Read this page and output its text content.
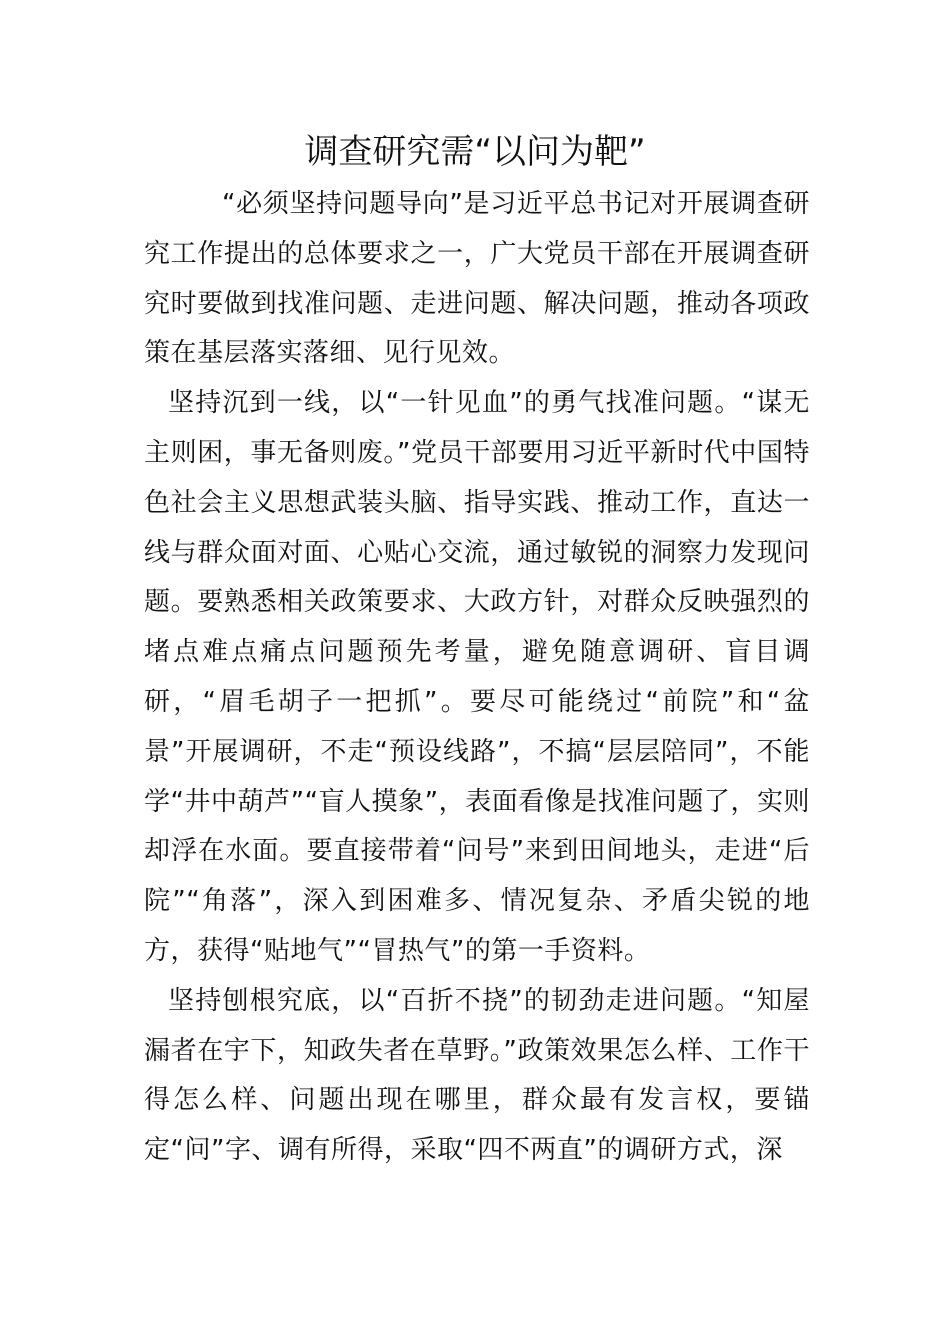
调查研究需“以问为靶”

“必须坚持问题导向”是习近平总书记对开展调查研究工作提出的总体要求之一，广大党员干部在开展调查研究时要做到找准问题、走进问题、解决问题，推动各项政策在基层落实落细、见行见效。

坚持沉到一线，以“一针见血”的勇气找准问题。“谋无主则困，事无备则废。”党员干部要用习近平新时代中国特色社会主义思想武装头脑、指导实践、推动工作，直达一线与群众面对面、心贴心交流，通过敏锐的洞察力发现问题。要熟悉相关政策要求、大政方针，对群众反映强烈的堵点难点痛点问题预先考量，避免随意调研、盲目调研，“眉毛胡子一把抓”。要尽可能绕过“前院”和“盆景”开展调研，不走“预设线路”，不搞“层层陪同”，不能学“井中葫芦”“盲人摸象”，表面看像是找准问题了，实则却浮在水面。要直接带着“问号”来到田间地头，走进“后院”“角落”，深入到困难多、情况复杂、矛盾尖锐的地方，获得“贴地气”“冒热气”的第一手资料。

坚持刨根究底，以“百折不挠”的韧劲走进问题。“知屋漏者在宇下，知政失者在草野。”政策效果怎么样、工作干得怎么样、问题出现在哪里，群众最有发言权，要锚定“问”字、调有所得，采取“四不两直”的调研方式，深
